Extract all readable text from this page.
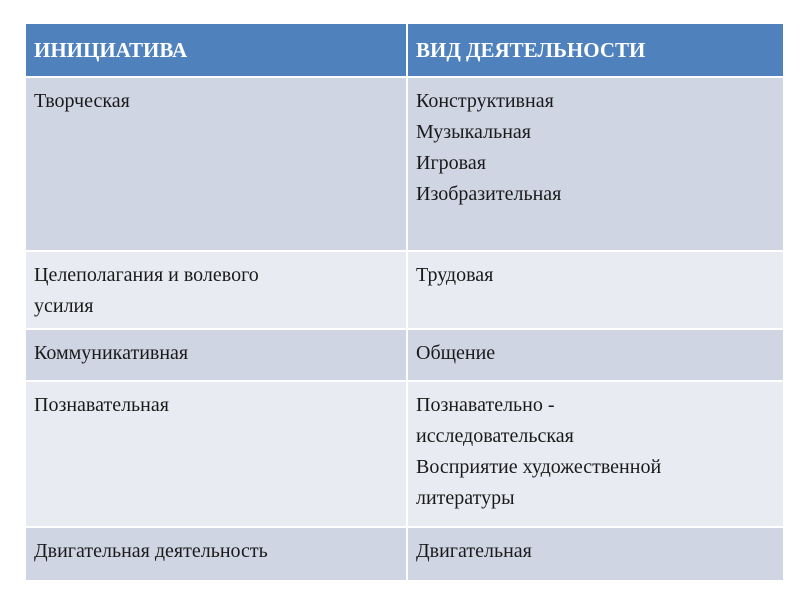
ИНИЦИАТИВА	ВИД ДЕЯТЕЛЬНОСТИ

Творческая	Конструктивная
Музыкальная
Игровая
Изобразительная

Целеполагания и волевого
усилия	Трудовая

Коммуникативная	Общение

Познавательная	Познавательно -
исследовательская
Восприятие художественной
литературы

Двигательная деятельность	Двигательная
